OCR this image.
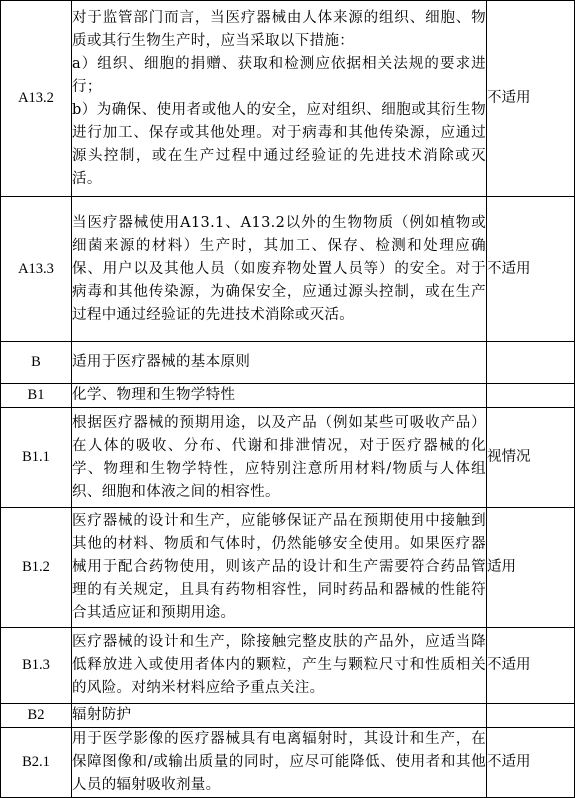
A13.2	对于监管部门而言，当医疗器械由人体来源的组织、细胞、物质或其行生物生产时，应当采取以下措施：

a）组织、细胞的捐赠、获取和检测应依据相关法规的要求进行；

b）为确保、使用者或他人的安全，应对组织、细胞或其衍生物进行加工、保存或其他处理。对于病毒和其他传染源，应通过源头控制，或在生产过程中通过经验证的先进技术消除或灭活。	不适用
A13.3	当医疗器械使用A13.1、A13.2以外的生物物质（例如植物或细菌来源的材料）生产时，其加工、保存、检测和处理应确保、用户以及其他人员（如废弃物处置人员等）的安全。对于病毒和其他传染源，为确保安全，应通过源头控制，或在生产过程中通过经验证的先进技术消除或灭活。	不适用
B	适用于医疗器械的基本原则	

B1	化学、物理和生物学特性	

B1.1	根据医疗器械的预期用途，以及产品（例如某些可吸收产品）在人体的吸收、分布、代谢和排泄情况，对于医疗器械的化学、物理和生物学特性，应特别注意所用材料/物质与人体组织、细胞和体液之间的相容性。	视情况
B1.2	医疗器械的设计和生产，应能够保证产品在预期使用中接触到其他的材料、物质和气体时，仍然能够安全使用。如果医疗器械用于配合药物使用，则该产品的设计和生产需要符合药品管理的有关规定，且具有药物相容性，同时药品和器械的性能符合其适应证和预期用途。	适用
B1.3	医疗器械的设计和生产，除接触完整皮肤的产品外，应适当降低释放进入或使用者体内的颗粒，产生与颗粒尺寸和性质相关的风险。对纳米材料应给予重点关注。	不适用
B2	辐射防护	

B2.1	用于医学影像的医疗器械具有电离辐射时，其设计和生产，在保障图像和/或输出质量的同时，应尽可能降低、使用者和其他人员的辐射吸收剂量。	不适用
